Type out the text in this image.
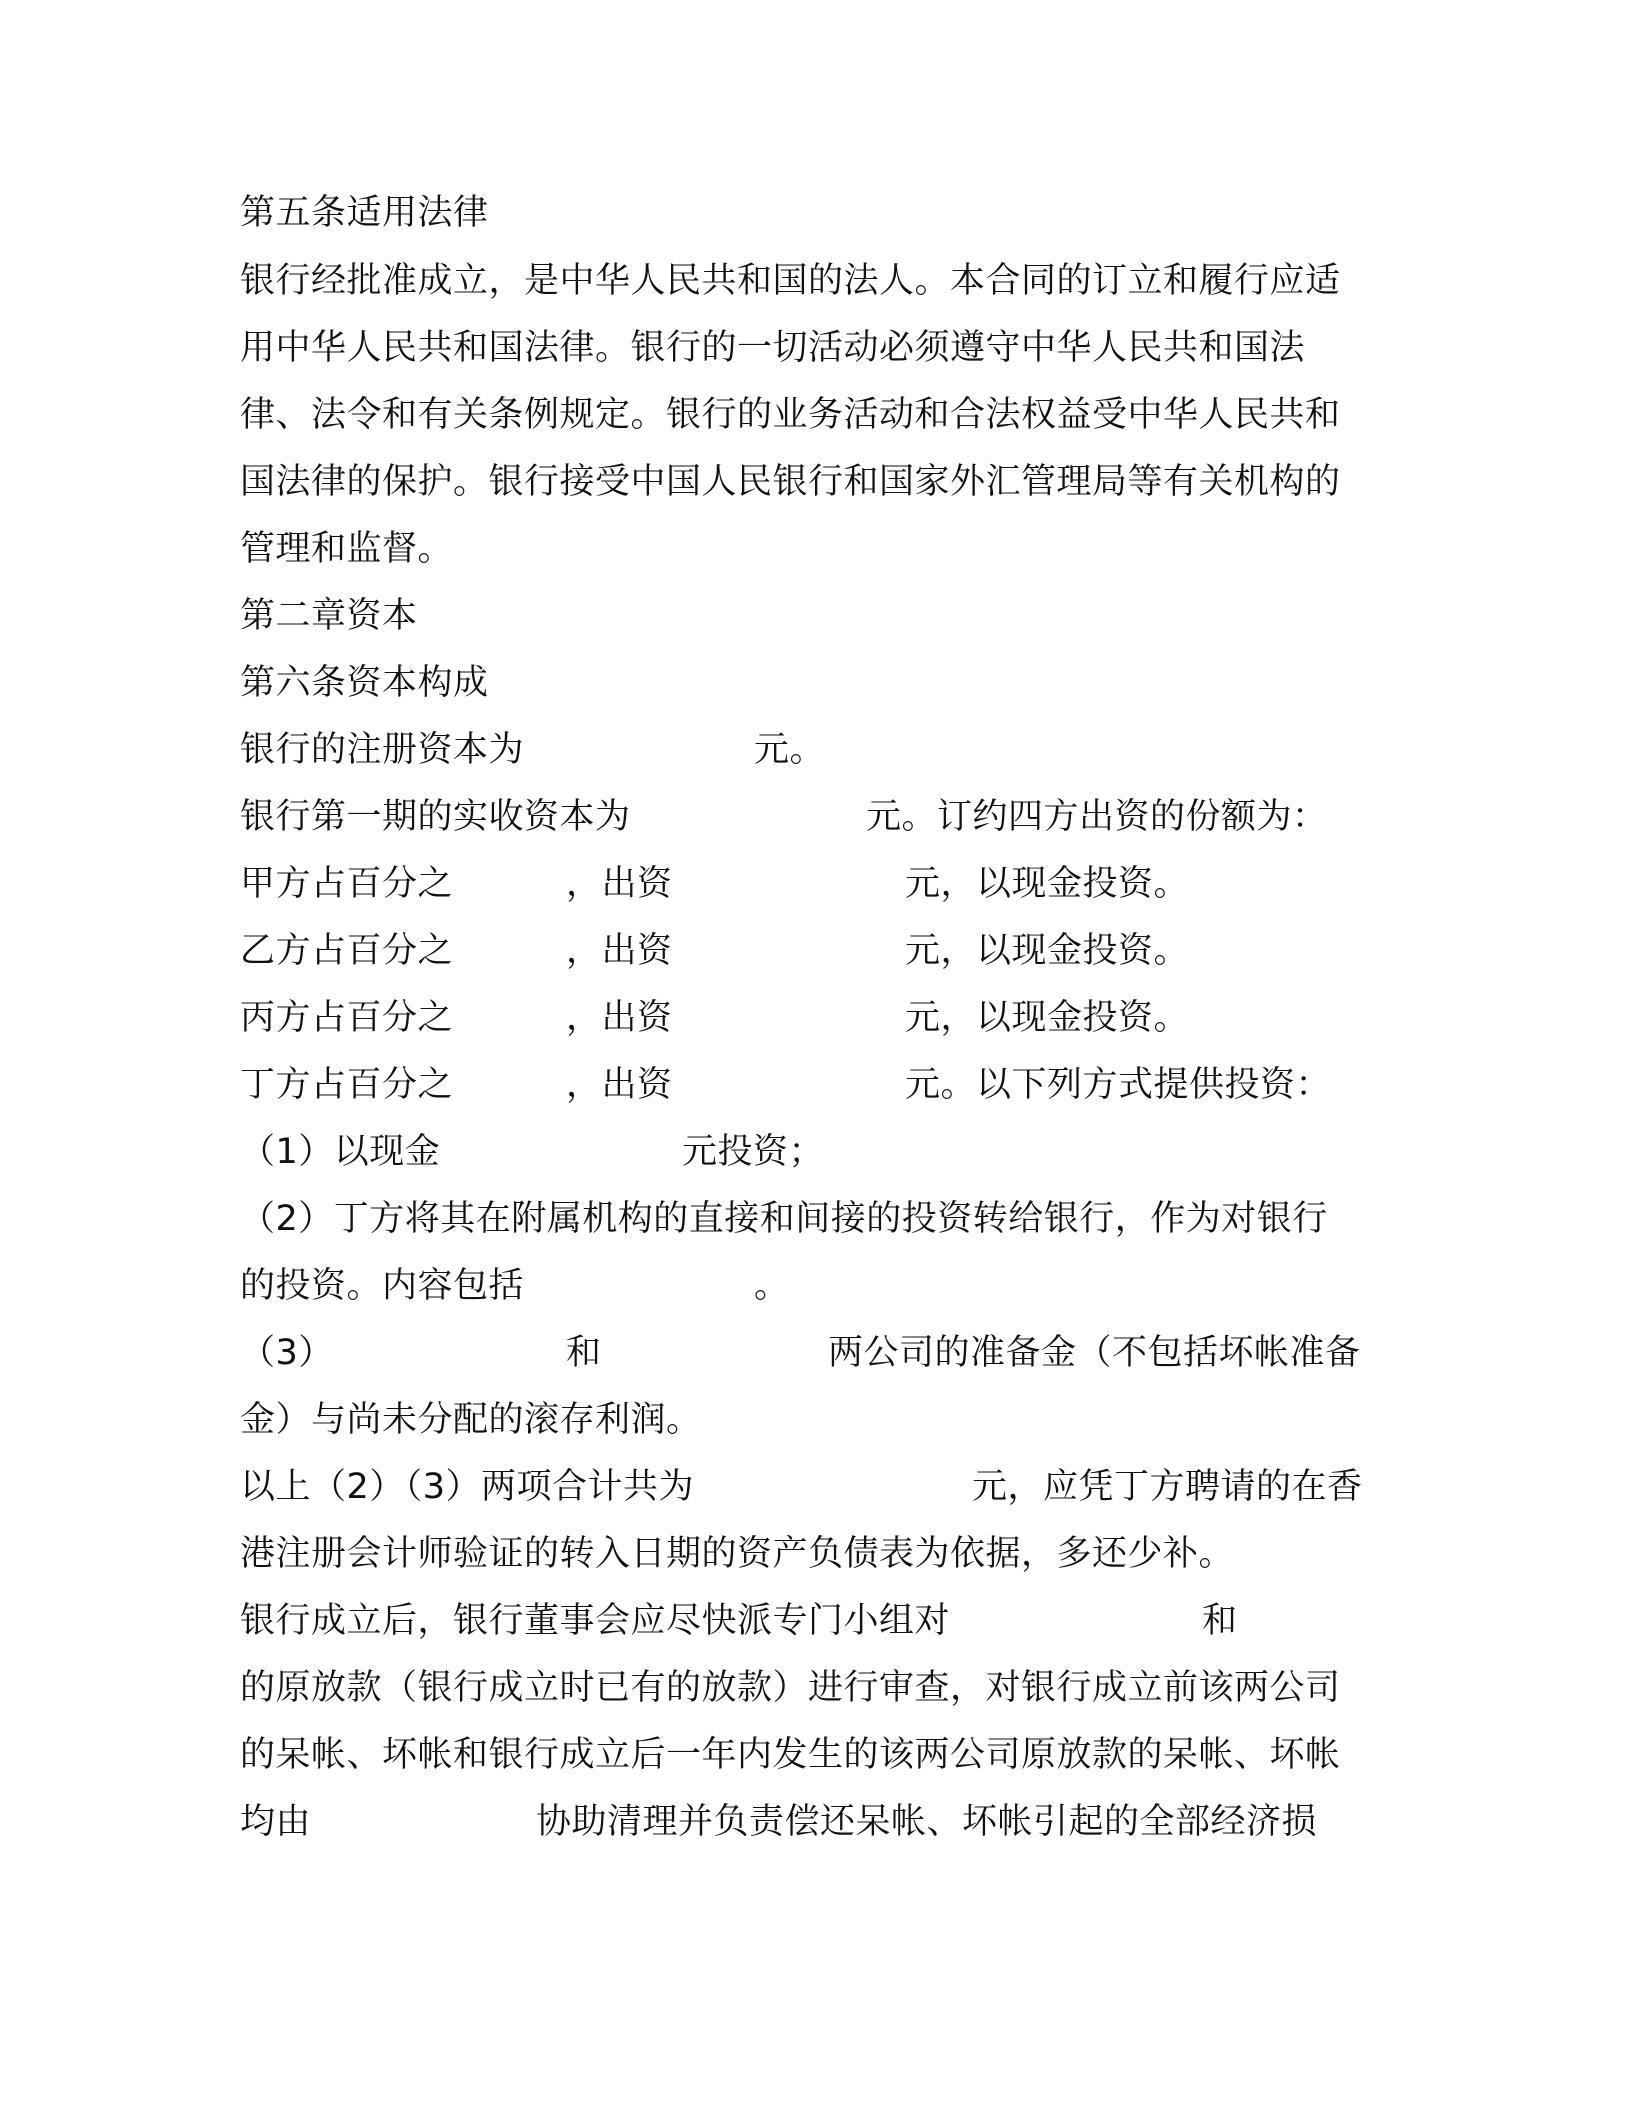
第五条适用法律
银行经批准成立，是中华人民共和国的法人。本合同的订立和履行应适
用中华人民共和国法律。银行的一切活动必须遵守中华人民共和国法
律、法令和有关条例规定。银行的业务活动和合法权益受中华人民共和
国法律的保护。银行接受中国人民银行和国家外汇管理局等有关机构的
管理和监督。
第二章资本
第六条资本构成
银行的注册资本为	元。
银行第一期的实收资本为	元。订约四方出资的份额为：
甲方占百分之	，出资	元，以现金投资。
乙方占百分之	，出资	元，以现金投资。
丙方占百分之	，出资	元，以现金投资。
丁方占百分之	，出资	元。以下列方式提供投资：
（1）以现金	元投资；
（2）丁方将其在附属机构的直接和间接的投资转给银行，作为对银行
的投资。内容包括	。
（3）	和	两公司的准备金（不包括坏帐准备
金）与尚未分配的滚存利润。
以上（2）（3）两项合计共为	元，应凭丁方聘请的在香
港注册会计师验证的转入日期的资产负债表为依据，多还少补。
银行成立后，银行董事会应尽快派专门小组对	和
的原放款（银行成立时已有的放款）进行审查，对银行成立前该两公司
的呆帐、坏帐和银行成立后一年内发生的该两公司原放款的呆帐、坏帐
均由	协助清理并负责偿还呆帐、坏帐引起的全部经济损
